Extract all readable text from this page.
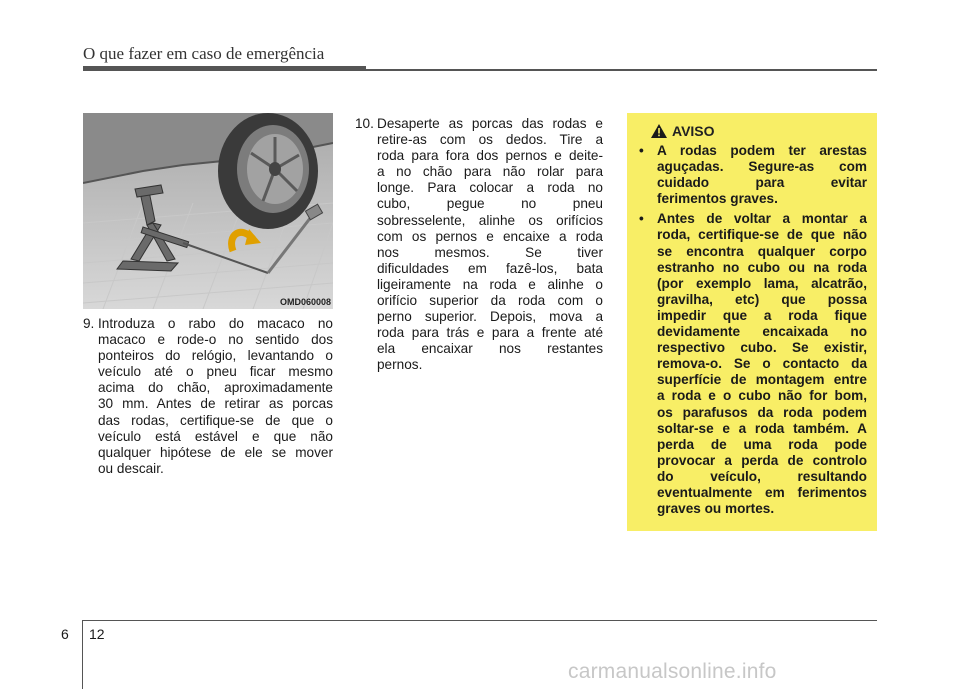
O que fazer em caso de emergência
OMD060008
9. Introduza o rabo do macaco no
macaco e rode-o no sentido dos
ponteiros do relógio, levantando o
veículo até o pneu ficar mesmo
acima do chão, aproximadamente
30 mm. Antes de retirar as porcas
das rodas, certifique-se de que o
veículo está estável e que não
qualquer hipótese de ele se mover
ou descair.
10. Desaperte as porcas das rodas e
retire-as com os dedos. Tire a
roda para fora dos pernos e deite-
a no chão para não rolar para
longe. Para colocar a roda no
cubo, pegue no pneu
sobresselente, alinhe os orifícios
com os pernos e encaixe a roda
nos mesmos. Se tiver
dificuldades em fazê-los, bata
ligeiramente na roda e alinhe o
orifício superior da roda com o
perno superior. Depois, mova a
roda para trás e para a frente até
ela encaixar nos restantes
pernos.
AVISO
• A rodas podem ter arestas
aguçadas. Segure-as com
cuidado para evitar
ferimentos graves.
• Antes de voltar a montar a
roda, certifique-se de que não
se encontra qualquer corpo
estranho no cubo ou na roda
(por exemplo lama, alcatrão,
gravilha, etc) que possa
impedir que a roda fique
devidamente encaixada no
respectivo cubo. Se existir,
remova-o. Se o contacto da
superfície de montagem entre
a roda e o cubo não for bom,
os parafusos da roda podem
soltar-se e a roda também. A
perda de uma roda pode
provocar a perda de controlo
do veículo, resultando
eventualmente em ferimentos
graves ou mortes.
6 12
carmanualsonline.info
